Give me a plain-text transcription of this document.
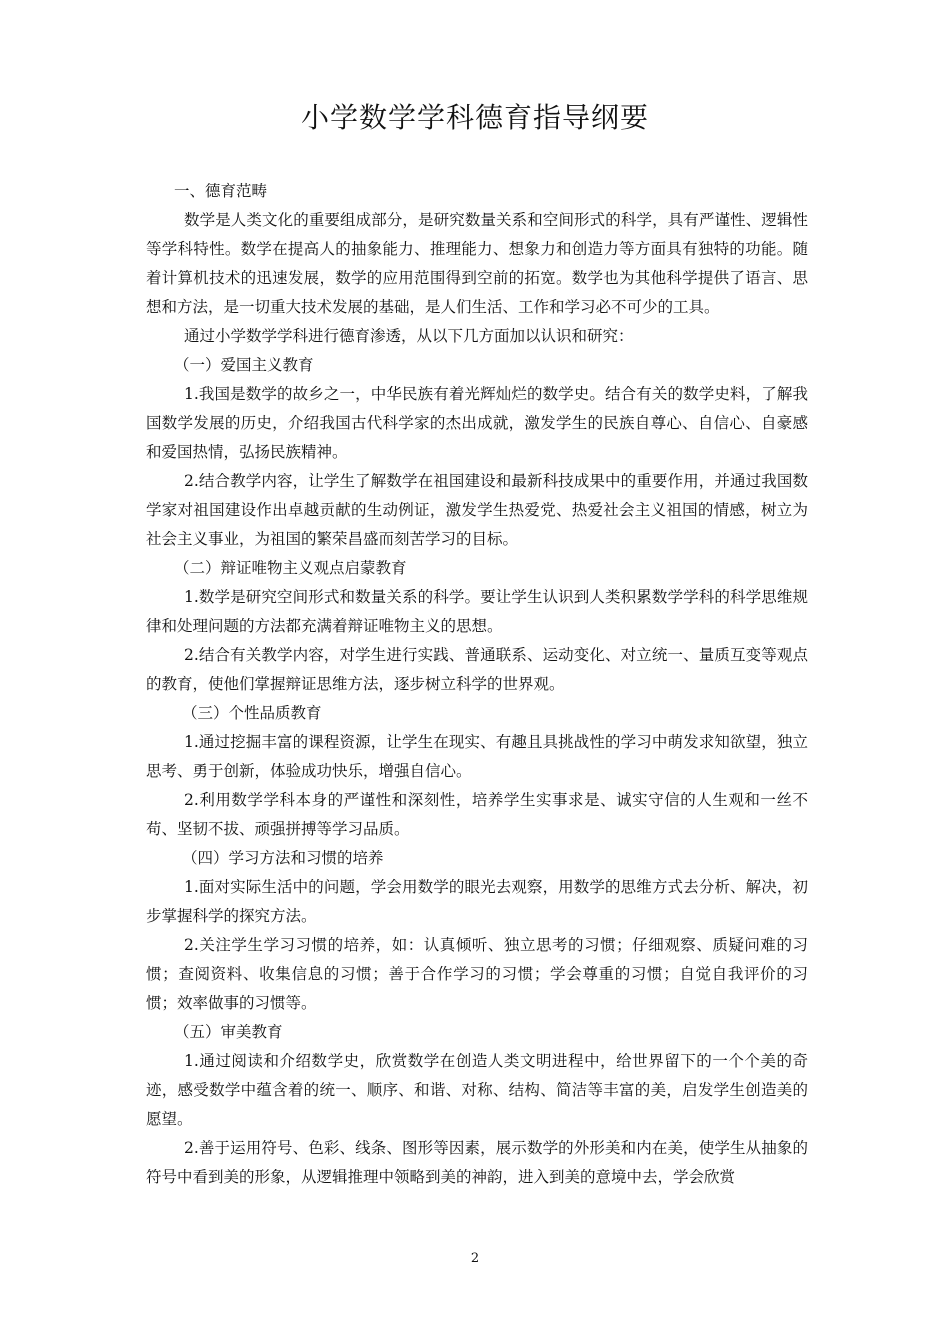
小学数学学科德育指导纲要

一、德育范畴

数学是人类文化的重要组成部分，是研究数量关系和空间形式的科学，具有严谨性、逻辑性等学科特性。数学在提高人的抽象能力、推理能力、想象力和创造力等方面具有独特的功能。随着计算机技术的迅速发展，数学的应用范围得到空前的拓宽。数学也为其他科学提供了语言、思想和方法，是一切重大技术发展的基础，是人们生活、工作和学习必不可少的工具。

通过小学数学学科进行德育渗透，从以下几方面加以认识和研究：

（一）爱国主义教育

1.我国是数学的故乡之一，中华民族有着光辉灿烂的数学史。结合有关的数学史料，了解我国数学发展的历史，介绍我国古代科学家的杰出成就，激发学生的民族自尊心、自信心、自豪感和爱国热情，弘扬民族精神。

2.结合教学内容，让学生了解数学在祖国建设和最新科技成果中的重要作用，并通过我国数学家对祖国建设作出卓越贡献的生动例证，激发学生热爱党、热爱社会主义祖国的情感，树立为社会主义事业，为祖国的繁荣昌盛而刻苦学习的目标。

（二）辩证唯物主义观点启蒙教育

1.数学是研究空间形式和数量关系的科学。要让学生认识到人类积累数学学科的科学思维规律和处理问题的方法都充满着辩证唯物主义的思想。

2.结合有关教学内容，对学生进行实践、普通联系、运动变化、对立统一、量质互变等观点的教育，使他们掌握辩证思维方法，逐步树立科学的世界观。

（三）个性品质教育

1.通过挖掘丰富的课程资源，让学生在现实、有趣且具挑战性的学习中萌发求知欲望，独立思考、勇于创新，体验成功快乐，增强自信心。

2.利用数学学科本身的严谨性和深刻性，培养学生实事求是、诚实守信的人生观和一丝不苟、坚韧不拔、顽强拼搏等学习品质。

（四）学习方法和习惯的培养

1.面对实际生活中的问题，学会用数学的眼光去观察，用数学的思维方式去分析、解决，初步掌握科学的探究方法。

2.关注学生学习习惯的培养，如：认真倾听、独立思考的习惯；仔细观察、质疑问难的习惯；查阅资料、收集信息的习惯；善于合作学习的习惯；学会尊重的习惯；自觉自我评价的习惯；效率做事的习惯等。

（五）审美教育

1.通过阅读和介绍数学史，欣赏数学在创造人类文明进程中，给世界留下的一个个美的奇迹，感受数学中蕴含着的统一、顺序、和谐、对称、结构、简洁等丰富的美，启发学生创造美的愿望。

2.善于运用符号、色彩、线条、图形等因素，展示数学的外形美和内在美，使学生从抽象的符号中看到美的形象，从逻辑推理中领略到美的神韵，进入到美的意境中去，学会欣赏

2
